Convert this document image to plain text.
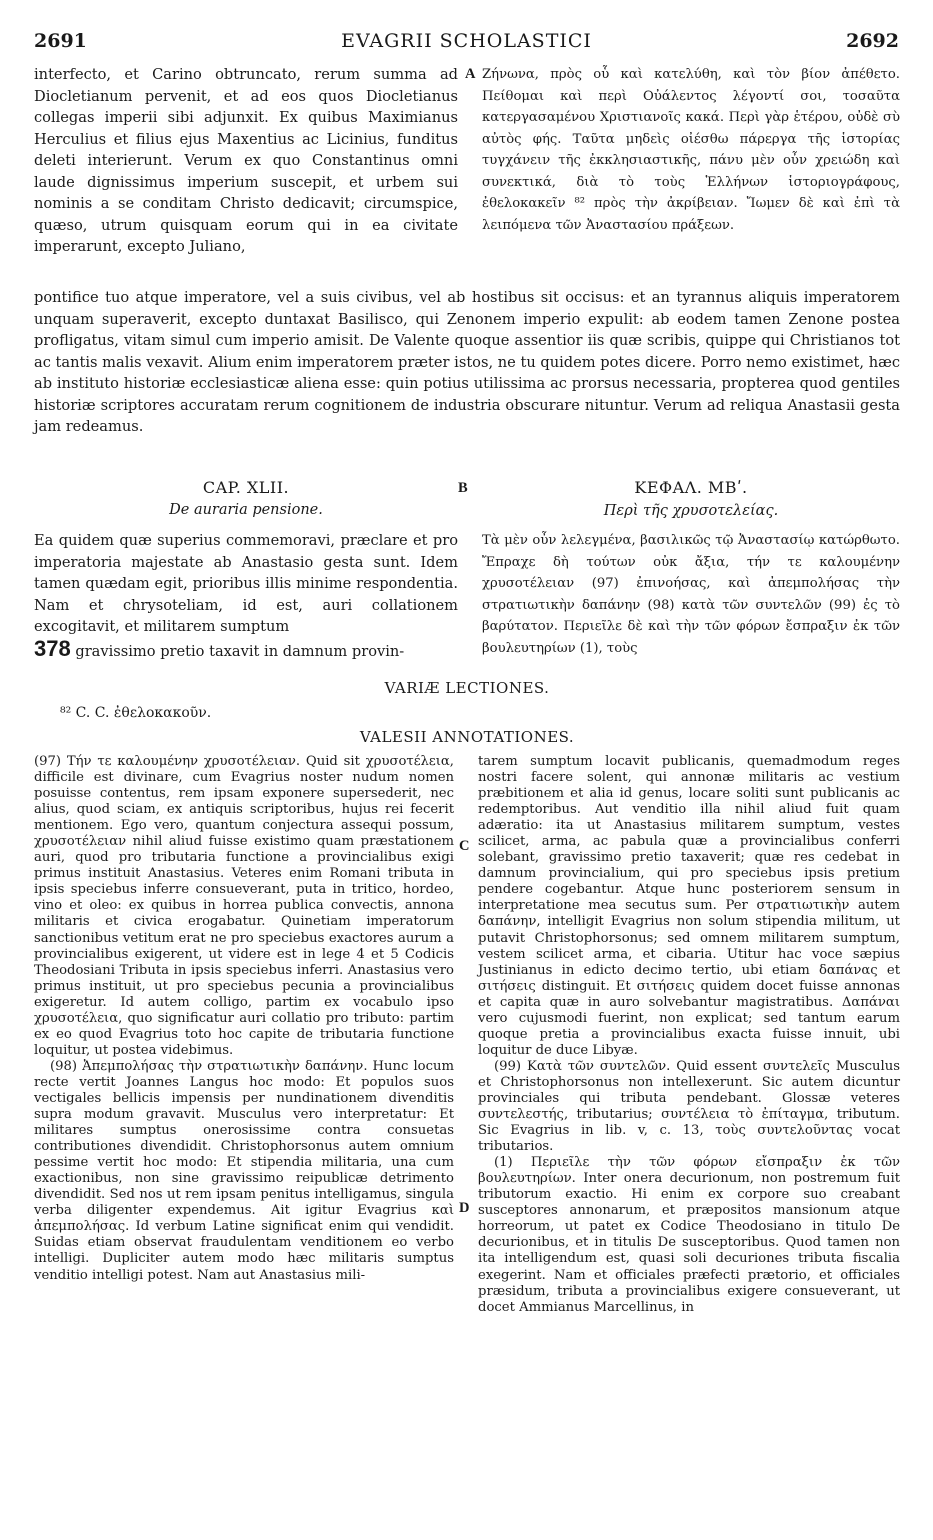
2691	EVAGRII SCHOLASTICI	2692

interfecto, et Carino obtruncato, rerum summa ad Diocletianum pervenit, et ad eos quos Diocletianus collegas imperii sibi adjunxit. Ex quibus Maximianus Herculius et filius ejus Maxentius ac Licinius, funditus deleti interierunt. Verum ex quo Constantinus omni laude dignissimus imperium suscepit, et urbem sui nominis a se conditam Christo dedicavit; circumspice, quæso, utrum quisquam eorum qui in ea civitate imperarunt, excepto Juliano,

A Ζήνωνα, πρὸς οὗ καὶ κατελύθη, καὶ τὸν βίον ἀπέθετο. Πείθομαι καὶ περὶ Οὐάλεντος λέγοντί σοι, τοσαῦτα κατεργασαμένου Χριστιανοῖς κακά. Περὶ γὰρ ἑτέρου, οὐδὲ σὺ αὐτὸς φής. Ταῦτα μηδεὶς οἰέσθω πάρεργα τῆς ἱστορίας τυγχάνειν τῆς ἐκκλησιαστικῆς, πάνυ μὲν οὖν χρειώδη καὶ συνεκτικά, διὰ τὸ τοὺς Ἑλλήνων ἱστοριογράφους, ἐθελοκακεῖν ⁸² πρὸς τὴν ἀκρίβειαν. Ἴωμεν δὲ καὶ ἐπὶ τὰ λειπόμενα τῶν Ἀναστασίου πράξεων.

pontifice tuo atque imperatore, vel a suis civibus, vel ab hostibus sit occisus: et an tyrannus aliquis imperatorem unquam superaverit, excepto duntaxat Basilisco, qui Zenonem imperio expulit: ab eodem tamen Zenone postea profligatus, vitam simul cum imperio amisit. De Valente quoque assentior iis quæ scribis, quippe qui Christianos tot ac tantis malis vexavit. Alium enim imperatorem præter istos, ne tu quidem potes dicere. Porro nemo existimet, hæc ab instituto historiæ ecclesiasticæ aliena esse: quin potius utilissima ac prorsus necessaria, propterea quod gentiles historiæ scriptores accuratam rerum cognitionem de industria obscurare nituntur. Verum ad reliqua Anastasii gesta jam redeamus.

CAP. XLII.	B	ΚΕΦΑΛ. ΜΒʹ.
De auraria pensione.	Περὶ τῆς χρυσοτελείας.

Ea quidem quæ superius commemoravi, præclare et pro imperatoria majestate ab Anastasio gesta sunt. Idem tamen quædam egit, prioribus illis minime respondentia. Nam et chrysoteliam, id est, auri collationem excogitavit, et militarem sumptum

378 gravissimo pretio taxavit in damnum provin-

Τὰ μὲν οὖν λελεγμένα, βασιλικῶς τῷ Ἀναστασίῳ κατώρθωτο. Ἔπραχε δὴ τούτων οὐκ ἄξια, τήν τε καλουμένην χρυσοτέλειαν (97) ἐπινοήσας, καὶ ἀπεμπολήσας τὴν στρατιωτικὴν δαπάνην (98) κατὰ τῶν συντελῶν (99) ἐς τὸ βαρύτατον. Περιεῖλε δὲ καὶ τὴν τῶν φόρων ἔσπραξιν ἐκ τῶν βουλευτηρίων (1), τοὺς

VARIÆ LECTIONES.
⁸² C. C. ἐθελοκακοῦν.
VALESII ANNOTATIONES.

(97) Τήν τε καλουμένην χρυσοτέλειαν. Quid sit χρυσοτέλεια, difficile est divinare, cum Evagrius noster nudum nomen posuisse contentus, rem ipsam exponere supersederit, nec alius, quod sciam, ex antiquis scriptoribus, hujus rei fecerit mentionem. Ego vero, quantum conjectura assequi possum, χρυσοτέλειαν nihil aliud fuisse existimo quam præstationem auri, quod pro tributaria functione a provincialibus exigi primus instituit Anastasius. Veteres enim Romani tributa in ipsis speciebus inferre consueverant, puta in tritico, hordeo, vino et oleo: ex quibus in horrea publica convectis, annona militaris et civica erogabatur. Quinetiam imperatorum sanctionibus vetitum erat ne pro speciebus exactores aurum a provincialibus exigerent, ut videre est in lege 4 et 5 Codicis Theodosiani Tributa in ipsis speciebus inferri. Anastasius vero primus instituit, ut pro speciebus pecunia a provincialibus exigeretur. Id autem colligo, partim ex vocabulo ipso χρυσοτέλεια, quo significatur auri collatio pro tributo: partim ex eo quod Evagrius toto hoc capite de tributaria functione loquitur, ut postea videbimus.

(98) Ἀπεμπολήσας τὴν στρατιωτικὴν δαπάνην. Hunc locum recte vertit Joannes Langus hoc modo: Et populos suos vectigales bellicis impensis per nundinationem divenditis supra modum gravavit. Musculus vero interpretatur: Et militares sumptus onerosissime contra consuetas contributiones divendidit. Christophorsonus autem omnium pessime vertit hoc modo: Et stipendia militaria, una cum exactionibus, non sine gravissimo reipublicæ detrimento divendidit. Sed nos ut rem ipsam penitus intelligamus, singula verba diligenter expendemus. Ait igitur Evagrius καὶ ἀπεμπολήσας. Id verbum Latine significat enim qui vendidit. Suidas etiam observat fraudulentam venditionem eo verbo intelligi. Dupliciter autem modo hæc militaris sumptus venditio intelligi potest. Nam aut Anastasius mili-

C
D

tarem sumptum locavit publicanis, quemadmodum reges nostri facere solent, qui annonæ militaris ac vestium præbitionem et alia id genus, locare soliti sunt publicanis ac redemptoribus. Aut venditio illa nihil aliud fuit quam adæratio: ita ut Anastasius militarem sumptum, vestes scilicet, arma, ac pabula quæ a provincialibus conferri solebant, gravissimo pretio taxaverit; quæ res cedebat in damnum provincialium, qui pro speciebus ipsis pretium pendere cogebantur. Atque hunc posteriorem sensum in interpretatione mea secutus sum. Per στρατιωτικὴν autem δαπάνην, intelligit Evagrius non solum stipendia militum, ut putavit Christophorsonus; sed omnem militarem sumptum, vestem scilicet arma, et cibaria. Utitur hac voce sæpius Justinianus in edicto decimo tertio, ubi etiam δαπάνας et σιτήσεις distinguit. Et σιτήσεις quidem docet fuisse annonas et capita quæ in auro solvebantur magistratibus. Δαπάναι vero cujusmodi fuerint, non explicat; sed tantum earum quoque pretia a provincialibus exacta fuisse innuit, ubi loquitur de duce Libyæ.

(99) Κατὰ τῶν συντελῶν. Quid essent συντελεῖς Musculus et Christophorsonus non intellexerunt. Sic autem dicuntur provinciales qui tributa pendebant. Glossæ veteres συντελεστής, tributarius; συντέλεια τὸ ἐπίταγμα, tributum. Sic Evagrius in lib. v, c. 13, τοὺς συντελοῦντας vocat tributarios.

(1) Περιεῖλε τὴν τῶν φόρων εἴσπραξιν ἐκ τῶν βουλευτηρίων. Inter onera decurionum, non postremum fuit tributorum exactio. Hi enim ex corpore suo creabant susceptores annonarum, et præpositos mansionum atque horreorum, ut patet ex Codice Theodosiano in titulo De decurionibus, et in titulis De susceptoribus. Quod tamen non ita intelligendum est, quasi soli decuriones tributa fiscalia exegerint. Nam et officiales præfecti prætorio, et officiales præsidum, tributa a provincialibus exigere consueverant, ut docet Ammianus Marcellinus, in
